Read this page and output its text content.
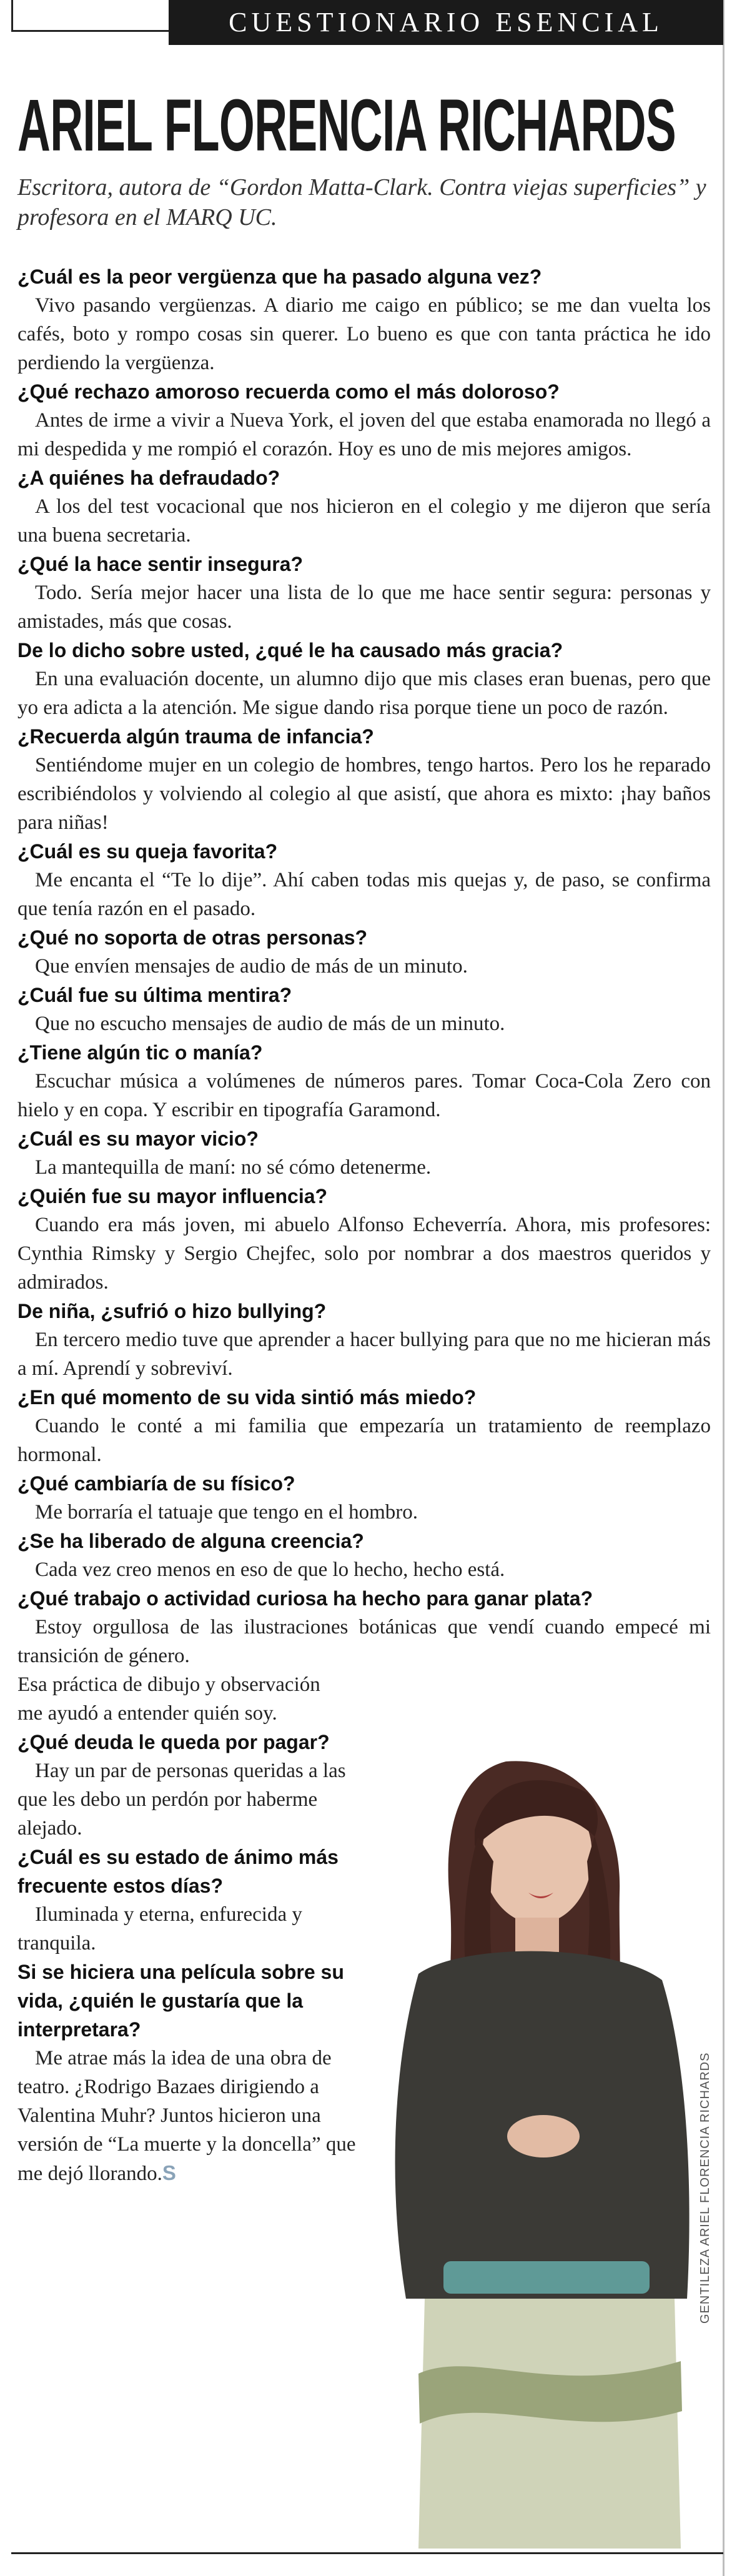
CUESTIONARIO ESENCIAL
ARIEL FLORENCIA RICHARDS
Escritora, autora de “Gordon Matta-Clark. Contra viejas superficies” y profesora en el MARQ UC.
¿Cuál es la peor vergüenza que ha pasado alguna vez?
Vivo pasando vergüenzas. A diario me caigo en público; se me dan vuelta los cafés, boto y rompo cosas sin querer. Lo bueno es que con tanta práctica he ido perdiendo la vergüenza.
¿Qué rechazo amoroso recuerda como el más doloroso?
Antes de irme a vivir a Nueva York, el joven del que estaba enamorada no llegó a mi despedida y me rompió el corazón. Hoy es uno de mis mejores amigos.
¿A quiénes ha defraudado?
A los del test vocacional que nos hicieron en el colegio y me dijeron que sería una buena secretaria.
¿Qué la hace sentir insegura?
Todo. Sería mejor hacer una lista de lo que me hace sentir segura: personas y amistades, más que cosas.
De lo dicho sobre usted, ¿qué le ha causado más gracia?
En una evaluación docente, un alumno dijo que mis clases eran buenas, pero que yo era adicta a la atención. Me sigue dando risa porque tiene un poco de razón.
¿Recuerda algún trauma de infancia?
Sentiéndome mujer en un colegio de hombres, tengo hartos. Pero los he reparado escribiéndolos y volviendo al colegio al que asistí, que ahora es mixto: ¡hay baños para niñas!
¿Cuál es su queja favorita?
Me encanta el “Te lo dije”. Ahí caben todas mis quejas y, de paso, se confirma que tenía razón en el pasado.
¿Qué no soporta de otras personas?
Que envíen mensajes de audio de más de un minuto.
¿Cuál fue su última mentira?
Que no escucho mensajes de audio de más de un minuto.
¿Tiene algún tic o manía?
Escuchar música a volúmenes de números pares. Tomar Coca-Cola Zero con hielo y en copa. Y escribir en tipografía Garamond.
¿Cuál es su mayor vicio?
La mantequilla de maní: no sé cómo detenerme.
¿Quién fue su mayor influencia?
Cuando era más joven, mi abuelo Alfonso Echeverría. Ahora, mis profesores: Cynthia Rimsky y Sergio Chejfec, solo por nombrar a dos maestros queridos y admirados.
De niña, ¿sufrió o hizo bullying?
En tercero medio tuve que aprender a hacer bullying para que no me hicieran más a mí. Aprendí y sobreviví.
¿En qué momento de su vida sintió más miedo?
Cuando le conté a mi familia que empezaría un tratamiento de reemplazo hormonal.
¿Qué cambiaría de su físico?
Me borraría el tatuaje que tengo en el hombro.
¿Se ha liberado de alguna creencia?
Cada vez creo menos en eso de que lo hecho, hecho está.
¿Qué trabajo o actividad curiosa ha hecho para ganar plata?
Estoy orgullosa de las ilustraciones botánicas que vendí cuando empecé mi transición de género.
Esa práctica de dibujo y observación me ayudó a entender quién soy.
¿Qué deuda le queda por pagar?
Hay un par de personas queridas a las que les debo un perdón por haberme alejado.
¿Cuál es su estado de ánimo más frecuente estos días?
Iluminada y eterna, enfurecida y tranquila.
Si se hiciera una película sobre su vida, ¿quién le gustaría que la interpretara?
Me atrae más la idea de una obra de teatro. ¿Rodrigo Bazaes dirigiendo a Valentina Muhr? Juntos hicieron una versión de “La muerte y la doncella” que me dejó llorando.S	GENTILEZA ARIEL FLORENCIA RICHARDS
